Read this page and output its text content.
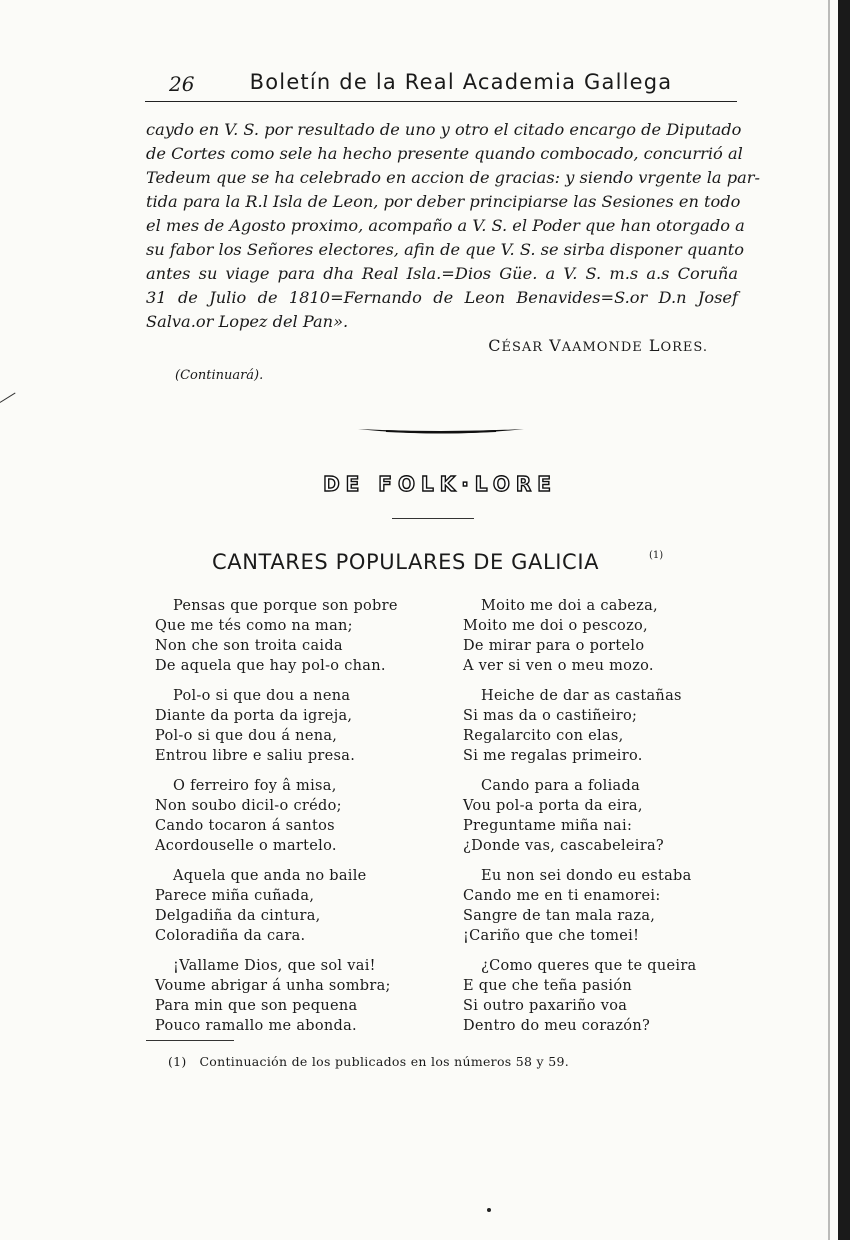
26	Boletín de la Real Academia Gallega
caydo en V. S. por resultado de uno y otro el citado encargo de Diputado
de Cortes como sele ha hecho presente quando combocado, concurrió al
Tedeum que se ha celebrado en accion de gracias: y siendo vrgente la par-
tida para la R.l Isla de Leon, por deber principiarse las Sesiones en todo
el mes de Agosto proximo, acompaño a V. S. el Poder que han otorgado a
su fabor los Señores electores, afin de que V. S. se sirba disponer quanto
antes su viage para dha Real Isla.=Dios Güe. a V. S. m.s a.s Coruña
31 de Julio de 1810=Fernando de Leon Benavides=S.or D.n Josef
Salva.or Lopez del Pan».
CÉSAR VAAMONDE LORES.
(Continuará).
DE FOLK·LORE
CANTARES POPULARES DE GALICIA	(1)
Pensas que porque son pobre
Que me tés como na man;
Non che son troita caida
De aquela que hay pol-o chan.
Pol-o si que dou a nena
Diante da porta da igreja,
Pol-o si que dou á nena,
Entrou libre e saliu presa.
O ferreiro foy â misa,
Non soubo dicil-o crédo;
Cando tocaron á santos
Acordouselle o martelo.
Aquela que anda no baile
Parece miña cuñada,
Delgadiña da cintura,
Coloradiña da cara.
¡Vallame Dios, que sol vai!
Voume abrigar á unha sombra;
Para min que son pequena
Pouco ramallo me abonda.
Moito me doi a cabeza,
Moito me doi o pescozo,
De mirar para o portelo
A ver si ven o meu mozo.
Heiche de dar as castañas
Si mas da o castiñeiro;
Regalarcito con elas,
Si me regalas primeiro.
Cando para a foliada
Vou pol-a porta da eira,
Preguntame miña nai:
¿Donde vas, cascabeleira?
Eu non sei dondo eu estaba
Cando me en ti enamorei:
Sangre de tan mala raza,
¡Cariño que che tomei!
¿Como queres que te queira
E que che teña pasión
Si outro paxariño voa
Dentro do meu corazón?
(1) Continuación de los publicados en los números 58 y 59.
